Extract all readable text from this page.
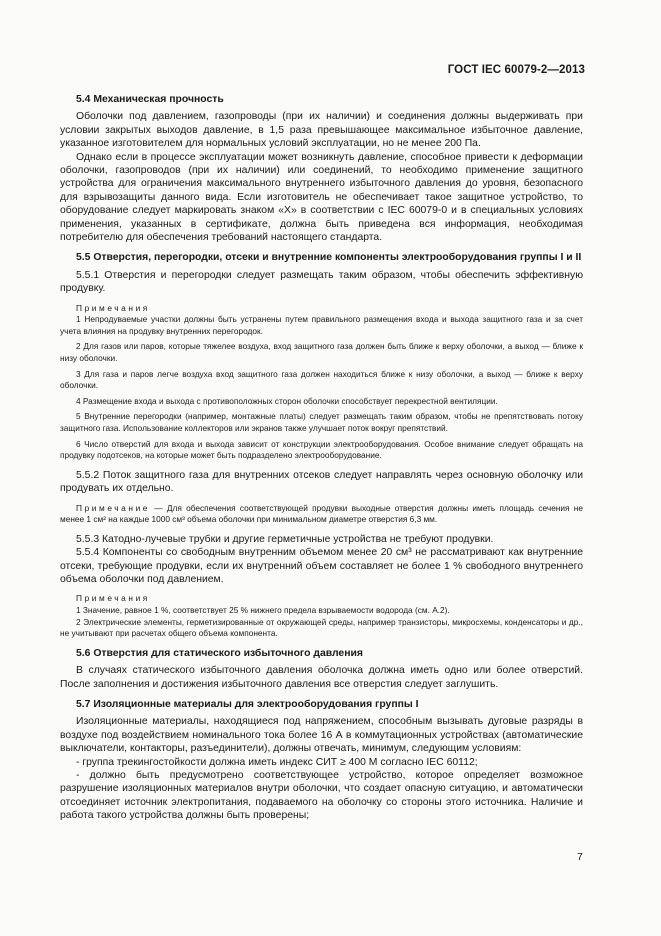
ГОСТ IEC 60079-2—2013

5.4 Механическая прочность

Оболочки под давлением, газопроводы (при их наличии) и соединения должны выдерживать при условии закрытых выходов давление, в 1,5 раза превышающее максимальное избыточное давление, указанное изготовителем для нормальных условий эксплуатации, но не менее 200 Па.

Однако если в процессе эксплуатации может возникнуть давление, способное привести к деформации оболочки, газопроводов (при их наличии) или соединений, то необходимо применение защитного устройства для ограничения максимального внутреннего избыточного давления до уровня, безопасного для взрывозащиты данного вида. Если изготовитель не обеспечивает такое защитное устройство, то оборудование следует маркировать знаком «Х» в соответствии с IEC 60079-0 и в специальных условиях применения, указанных в сертификате, должна быть приведена вся информация, необходимая потребителю для обеспечения требований настоящего стандарта.

5.5 Отверстия, перегородки, отсеки и внутренние компоненты электрооборудования группы I и II

5.5.1 Отверстия и перегородки следует размещать таким образом, чтобы обеспечить эффективную продувку.

Примечания

1 Непродуваемые участки должны быть устранены путем правильного размещения входа и выхода защитного газа и за счет учета влияния на продувку внутренних перегородок.

2 Для газов или паров, которые тяжелее воздуха, вход защитного газа должен быть ближе к верху оболочки, а выход — ближе к низу оболочки.

3 Для газа и паров легче воздуха вход защитного газа должен находиться ближе к низу оболочки, а выход — ближе к верху оболочки.

4 Размещение входа и выхода с противоположных сторон оболочки способствует перекрестной вентиляции.

5 Внутренние перегородки (например, монтажные платы) следует размещать таким образом, чтобы не препятствовать потоку защитного газа. Использование коллекторов или экранов также улучшает поток вокруг препятствий.

6 Число отверстий для входа и выхода зависит от конструкции электрооборудования. Особое внимание следует обращать на продувку подотсеков, на которые может быть подразделено электрооборудование.

5.5.2 Поток защитного газа для внутренних отсеков следует направлять через основную оболочку или продувать их отдельно.

Примечание — Для обеспечения соответствующей продувки выходные отверстия должны иметь площадь сечения не менее 1 см² на каждые 1000 см³ объема оболочки при минимальном диаметре отверстия 6,3 мм.

5.5.3 Катодно-лучевые трубки и другие герметичные устройства не требуют продувки.

5.5.4 Компоненты со свободным внутренним объемом менее 20 см³ не рассматривают как внутренние отсеки, требующие продувки, если их внутренний объем составляет не более 1 % свободного внутреннего объема оболочки под давлением.

Примечания

1 Значение, равное 1 %, соответствует 25 % нижнего предела взрываемости водорода (см. А.2).

2 Электрические элементы, герметизированные от окружающей среды, например транзисторы, микросхемы, конденсаторы и др., не учитывают при расчетах общего объема компонента.

5.6 Отверстия для статического избыточного давления

В случаях статического избыточного давления оболочка должна иметь одно или более отверстий. После заполнения и достижения избыточного давления все отверстия следует заглушить.

5.7 Изоляционные материалы для электрооборудования группы I

Изоляционные материалы, находящиеся под напряжением, способным вызывать дуговые разряды в воздухе под воздействием номинального тока более 16 А в коммутационных устройствах (автоматические выключатели, контакторы, разъединители), должны отвечать, минимум, следующим условиям:

- группа трекингостойкости должна иметь индекс СИТ ≥ 400 М согласно IEC 60112;

- должно быть предусмотрено соответствующее устройство, которое определяет возможное разрушение изоляционных материалов внутри оболочки, что создает опасную ситуацию, и автоматически отсоединяет источник электропитания, подаваемого на оболочку со стороны этого источника. Наличие и работа такого устройства должны быть проверены;

7
